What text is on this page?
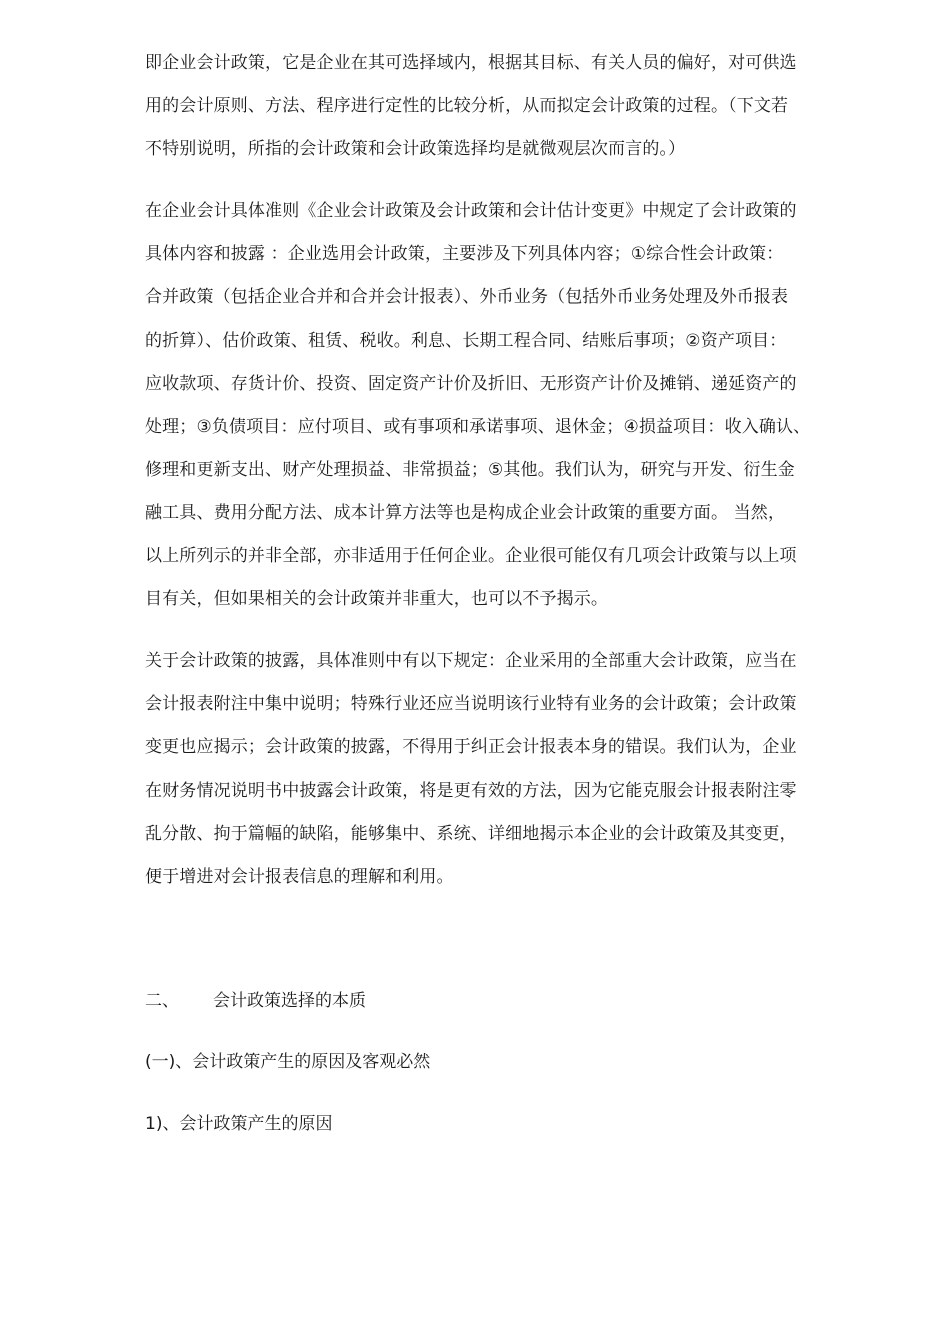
即企业会计政策，它是企业在其可选择域内，根据其目标、有关人员的偏好，对可供选

用的会计原则、方法、程序进行定性的比较分析，从而拟定会计政策的过程。（下文若

不特别说明，所指的会计政策和会计政策选择均是就微观层次而言的。）

在企业会计具体准则《企业会计政策及会计政策和会计估计变更》中规定了会计政策的

具体内容和披露 ：企业选用会计政策，主要涉及下列具体内容；①综合性会计政策：

合并政策（包括企业合并和合并会计报表）、外币业务（包括外币业务处理及外币报表

的折算）、估价政策、租赁、税收。利息、长期工程合同、结账后事项；②资产项目：

应收款项、存货计价、投资、固定资产计价及折旧、无形资产计价及摊销、递延资产的

处理；③负债项目：应付项目、或有事项和承诺事项、退休金；④损益项目：收入确认、

修理和更新支出、财产处理损益、非常损益；⑤其他。我们认为，研究与开发、衍生金

融工具、费用分配方法、成本计算方法等也是构成企业会计政策的重要方面。 当然，

以上所列示的并非全部，亦非适用于任何企业。企业很可能仅有几项会计政策与以上项

目有关，但如果相关的会计政策并非重大，也可以不予揭示。

关于会计政策的披露，具体准则中有以下规定：企业采用的全部重大会计政策，应当在

会计报表附注中集中说明；特殊行业还应当说明该行业特有业务的会计政策；会计政策

变更也应揭示；会计政策的披露，不得用于纠正会计报表本身的错误。我们认为，企业

在财务情况说明书中披露会计政策，将是更有效的方法，因为它能克服会计报表附注零

乱分散、拘于篇幅的缺陷，能够集中、系统、详细地揭示本企业的会计政策及其变更，

便于增进对会计报表信息的理解和利用。

二、 会计政策选择的本质

(一)、会计政策产生的原因及客观必然

1)、会计政策产生的原因
